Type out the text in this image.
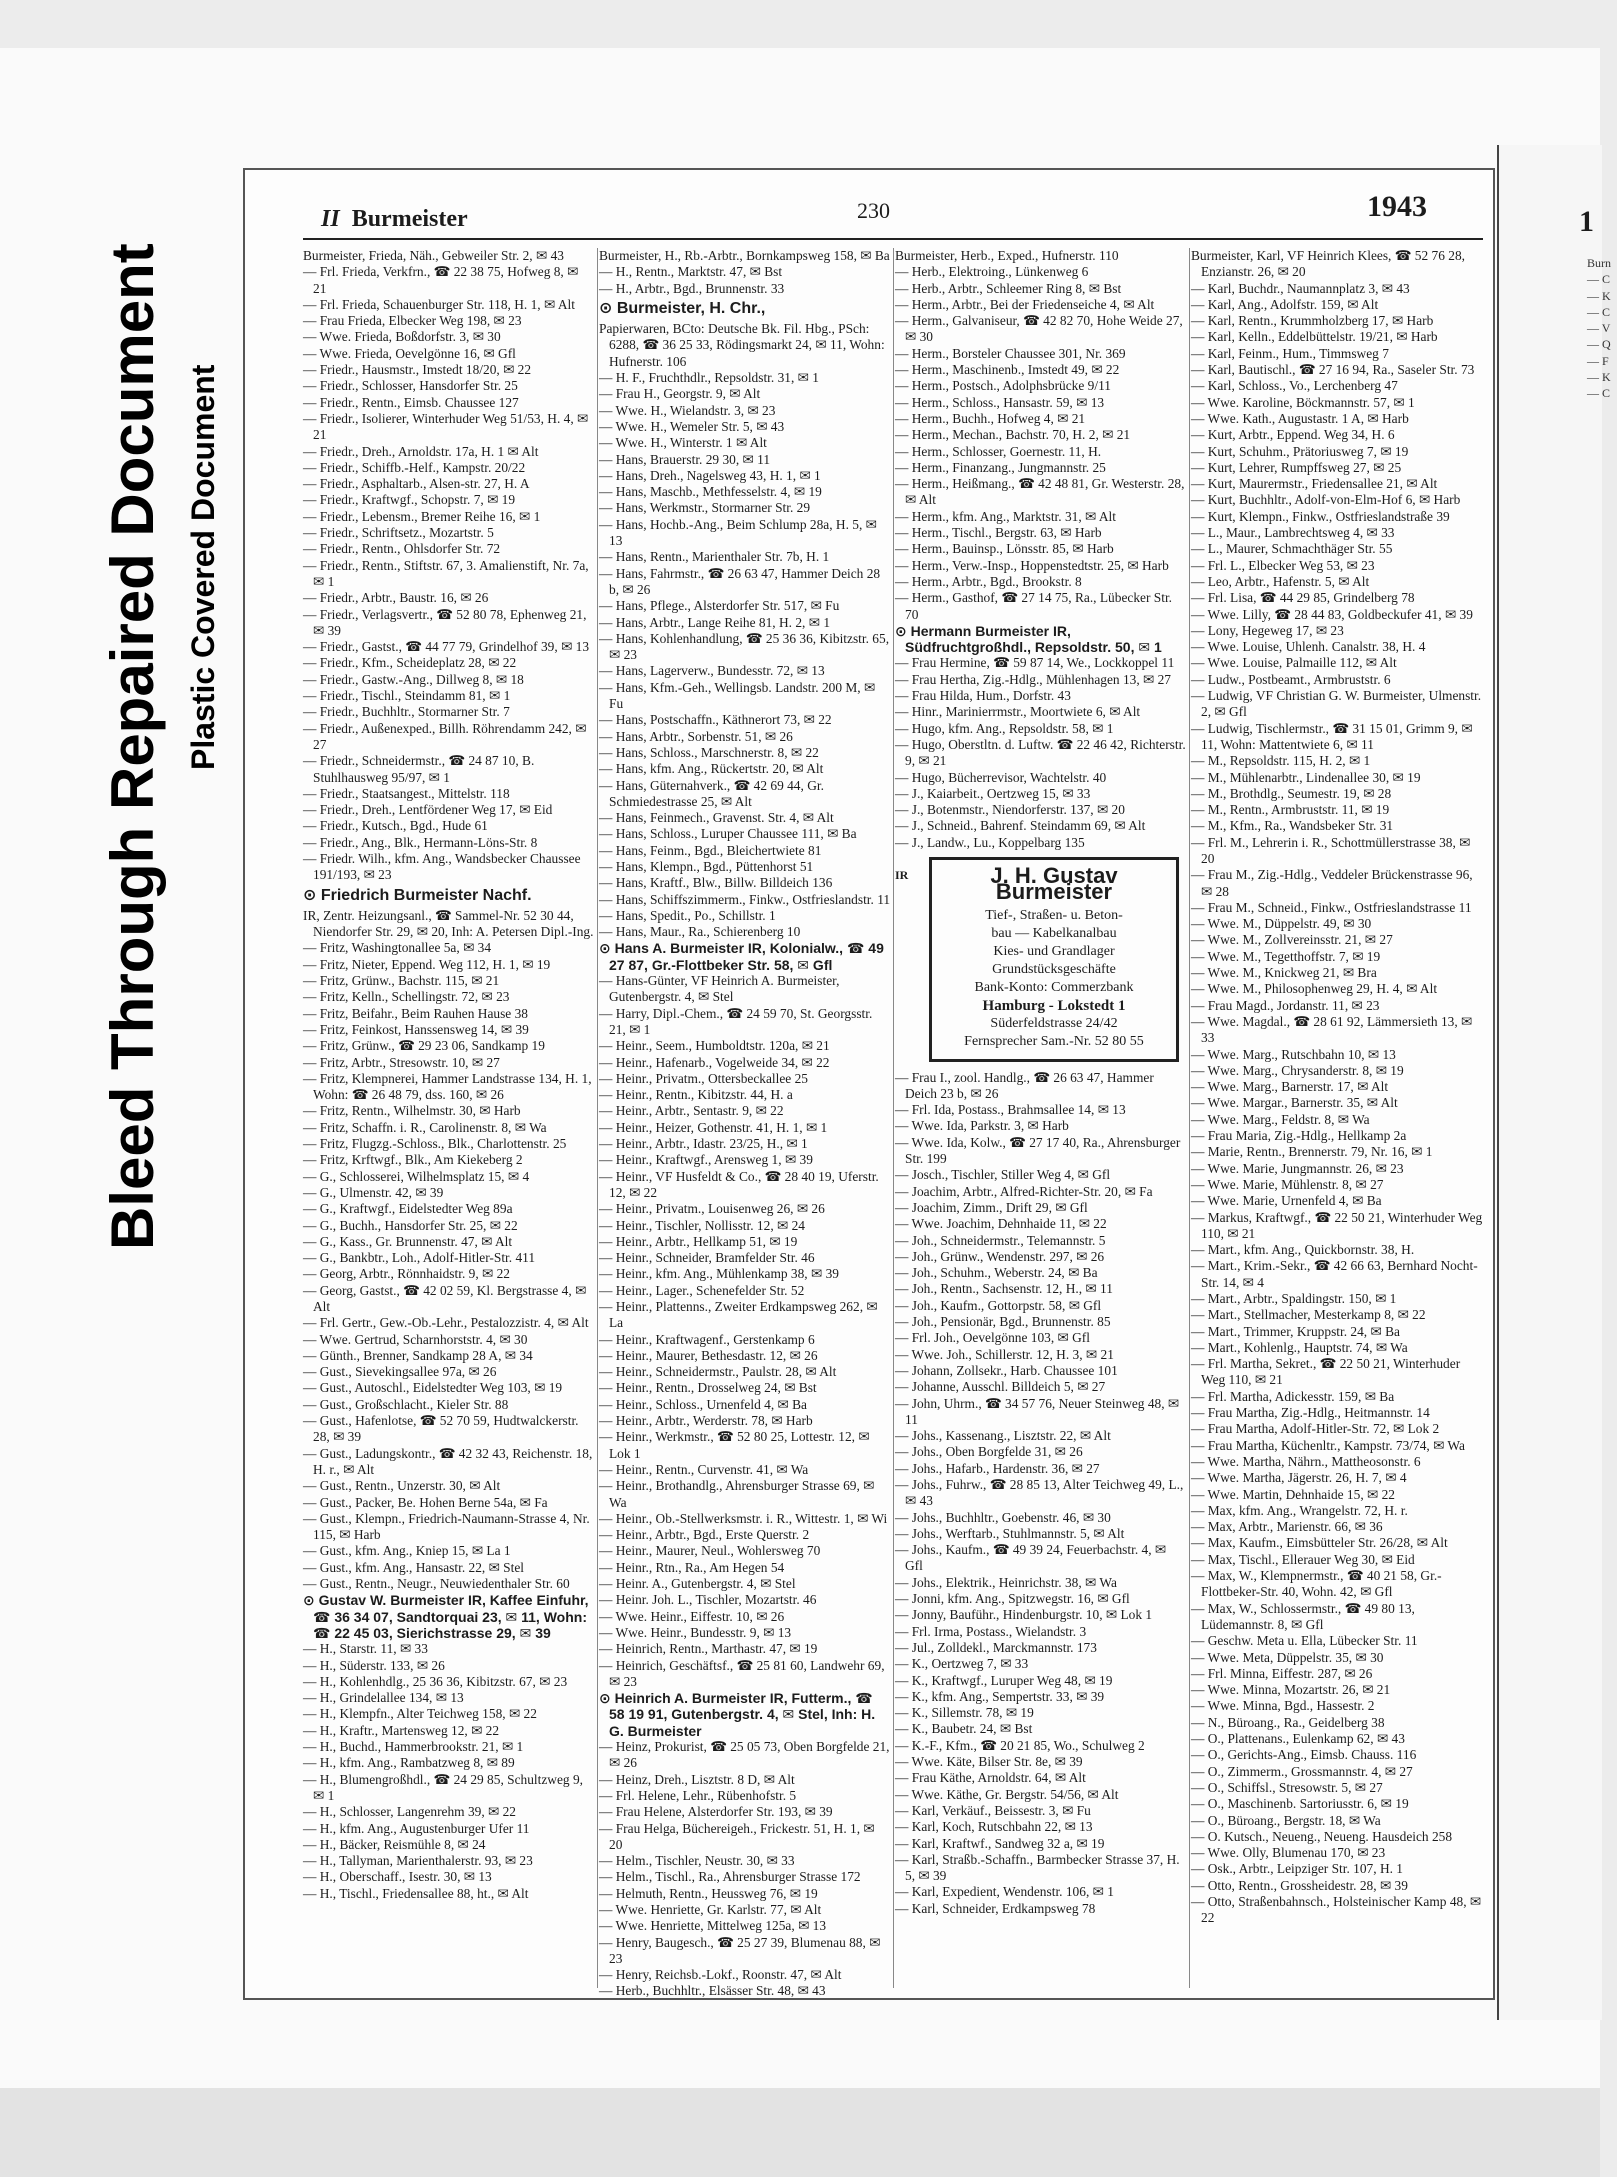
Bleed Through Repaired Document Plastic Covered Document
II Burmeister	230	1943
Burmeister, Frieda, Näh., Gebweiler Str. 2, ✉ 43
— Frl. Frieda, Verkfrn., ☎ 22 38 75, Hofweg 8, ✉ 21
— Frl. Frieda, Schauenburger Str. 118, H. 1, ✉ Alt
— Frau Frieda, Elbecker Weg 198, ✉ 23
— Wwe. Frieda, Boßdorfstr. 3, ✉ 30
— Wwe. Frieda, Oevelgönne 16, ✉ Gfl
— Friedr., Hausmstr., Imstedt 18/20, ✉ 22
— Friedr., Schlosser, Hansdorfer Str. 25
— Friedr., Rentn., Eimsb. Chaussee 127
— Friedr., Isolierer, Winterhuder Weg 51/53, H. 4, ✉ 21
— Friedr., Dreh., Arnoldstr. 17a, H. 1 ✉ Alt
— Friedr., Schiffb.-Helf., Kampstr. 20/22
— Friedr., Asphaltarb., Alsen-str. 27, H. A
— Friedr., Kraftwgf., Schopstr. 7, ✉ 19
— Friedr., Lebensm., Bremer Reihe 16, ✉ 1
— Friedr., Schriftsetz., Mozartstr. 5
— Friedr., Rentn., Ohlsdorfer Str. 72
— Friedr., Rentn., Stiftstr. 67, 3. Amalienstift, Nr. 7a, ✉ 1
— Friedr., Arbtr., Baustr. 16, ✉ 26
— Friedr., Verlagsvertr., ☎ 52 80 78, Ephenweg 21, ✉ 39
— Friedr., Gastst., ☎ 44 77 79, Grindelhof 39, ✉ 13
— Friedr., Kfm., Scheideplatz 28, ✉ 22
— Friedr., Gastw.-Ang., Dillweg 8, ✉ 18
— Friedr., Tischl., Steindamm 81, ✉ 1
— Friedr., Buchhltr., Stormarner Str. 7
— Friedr., Außenexped., Billh. Röhrendamm 242, ✉ 27
— Friedr., Schneidermstr., ☎ 24 87 10, B. Stuhlhausweg 95/97, ✉ 1
— Friedr., Staatsangest., Mittelstr. 118
— Friedr., Dreh., Lentfördener Weg 17, ✉ Eid
— Friedr., Kutsch., Bgd., Hude 61
— Friedr., Ang., Blk., Hermann-Löns-Str. 8
— Friedr. Wilh., kfm. Ang., Wandsbecker Chaussee 191/193, ✉ 23
⊙ Friedrich Burmeister Nachf.
IR, Zentr. Heizungsanl., ☎ Sammel-Nr. 52 30 44, Niendorfer Str. 29, ✉ 20, Inh: A. Petersen Dipl.-Ing.
— Fritz, Washingtonallee 5a, ✉ 34
— Fritz, Nieter, Eppend. Weg 112, H. 1, ✉ 19
— Fritz, Grünw., Bachstr. 115, ✉ 21
— Fritz, Kelln., Schellingstr. 72, ✉ 23
— Fritz, Beifahr., Beim Rauhen Hause 38
— Fritz, Feinkost, Hanssensweg 14, ✉ 39
— Fritz, Grünw., ☎ 29 23 06, Sandkamp 19
— Fritz, Arbtr., Stresowstr. 10, ✉ 27
— Fritz, Klempnerei, Hammer Landstrasse 134, H. 1, Wohn: ☎ 26 48 79, dss. 160, ✉ 26
— Fritz, Rentn., Wilhelmstr. 30, ✉ Harb
— Fritz, Schaffn. i. R., Carolinenstr. 8, ✉ Wa
— Fritz, Flugzg.-Schloss., Blk., Charlottenstr. 25
— Fritz, Krftwgf., Blk., Am Kiekeberg 2
— G., Schlosserei, Wilhelmsplatz 15, ✉ 4
— G., Ulmenstr. 42, ✉ 39
— G., Kraftwgf., Eidelstedter Weg 89a
— G., Buchh., Hansdorfer Str. 25, ✉ 22
— G., Kass., Gr. Brunnenstr. 47, ✉ Alt
— G., Bankbtr., Loh., Adolf-Hitler-Str. 411
— Georg, Arbtr., Rönnhaidstr. 9, ✉ 22
— Georg, Gastst., ☎ 42 02 59, Kl. Bergstrasse 4, ✉ Alt
— Frl. Gertr., Gew.-Ob.-Lehr., Pestalozzistr. 4, ✉ Alt
— Wwe. Gertrud, Scharnhorststr. 4, ✉ 30
— Günth., Brenner, Sandkamp 28 A, ✉ 34
— Gust., Sievekingsallee 97a, ✉ 26
— Gust., Autoschl., Eidelstedter Weg 103, ✉ 19
— Gust., Großschlacht., Kieler Str. 88
— Gust., Hafenlotse, ☎ 52 70 59, Hudtwalckerstr. 28, ✉ 39
— Gust., Ladungskontr., ☎ 42 32 43, Reichenstr. 18, H. r., ✉ Alt
— Gust., Rentn., Unzerstr. 30, ✉ Alt
— Gust., Packer, Be. Hohen Berne 54a, ✉ Fa
— Gust., Klempn., Friedrich-Naumann-Strasse 4, Nr. 115, ✉ Harb
— Gust., kfm. Ang., Kniep 15, ✉ La 1
— Gust., kfm. Ang., Hansastr. 22, ✉ Stel
— Gust., Rentn., Neugr., Neuwiedenthaler Str. 60
⊙ Gustav W. Burmeister IR, Kaffee Einfuhr, ☎ 36 34 07, Sandtorquai 23, ✉ 11, Wohn: ☎ 22 45 03, Sierichstrasse 29, ✉ 39
— H., Starstr. 11, ✉ 33
— H., Süderstr. 133, ✉ 26
— H., Kohlenhdlg., 25 36 36, Kibitzstr. 67, ✉ 23
— H., Grindelallee 134, ✉ 13
— H., Klempfn., Alter Teichweg 158, ✉ 22
— H., Kraftr., Martensweg 12, ✉ 22
— H., Buchd., Hammerbrookstr. 21, ✉ 1
— H., kfm. Ang., Rambatzweg 8, ✉ 89
— H., Blumengroßhdl., ☎ 24 29 85, Schultzweg 9, ✉ 1
— H., Schlosser, Langenrehm 39, ✉ 22
— H., kfm. Ang., Augustenburger Ufer 11
— H., Bäcker, Reismühle 8, ✉ 24
— H., Tallyman, Marienthalerstr. 93, ✉ 23
— H., Oberschaff., Isestr. 30, ✉ 13
— H., Tischl., Friedensallee 88, ht., ✉ Alt
Burmeister, H., Rb.-Arbtr., Bornkampsweg 158, ✉ Ba
— H., Rentn., Marktstr. 47, ✉ Bst
— H., Arbtr., Bgd., Brunnenstr. 33
⊙ Burmeister, H. Chr.,
Papierwaren, BCto: Deutsche Bk. Fil. Hbg., PSch: 6288, ☎ 36 25 33, Rödingsmarkt 24, ✉ 11, Wohn: Hufnerstr. 106
— H. F., Fruchthdlr., Repsoldstr. 31, ✉ 1
— Frau H., Georgstr. 9, ✉ Alt
— Wwe. H., Wielandstr. 3, ✉ 23
— Wwe. H., Wemeler Str. 5, ✉ 43
— Wwe. H., Winterstr. 1 ✉ Alt
— Hans, Brauerstr. 29 30, ✉ 11
— Hans, Dreh., Nagelsweg 43, H. 1, ✉ 1
— Hans, Maschb., Methfesselstr. 4, ✉ 19
— Hans, Werkmstr., Stormarner Str. 29
— Hans, Hochb.-Ang., Beim Schlump 28a, H. 5, ✉ 13
— Hans, Rentn., Marienthaler Str. 7b, H. 1
— Hans, Fahrmstr., ☎ 26 63 47, Hammer Deich 28 b, ✉ 26
— Hans, Pflege., Alsterdorfer Str. 517, ✉ Fu
— Hans, Arbtr., Lange Reihe 81, H. 2, ✉ 1
— Hans, Kohlenhandlung, ☎ 25 36 36, Kibitzstr. 65, ✉ 23
— Hans, Lagerverw., Bundesstr. 72, ✉ 13
— Hans, Kfm.-Geh., Wellingsb. Landstr. 200 M, ✉ Fu
— Hans, Postschaffn., Käthnerort 73, ✉ 22
— Hans, Arbtr., Sorbenstr. 51, ✉ 26
— Hans, Schloss., Marschnerstr. 8, ✉ 22
— Hans, kfm. Ang., Rückertstr. 20, ✉ Alt
— Hans, Güternahverk., ☎ 42 69 44, Gr. Schmiedestrasse 25, ✉ Alt
— Hans, Feinmech., Gravenst. Str. 4, ✉ Alt
— Hans, Schloss., Luruper Chaussee 111, ✉ Ba
— Hans, Feinm., Bgd., Bleichertwiete 81
— Hans, Klempn., Bgd., Püttenhorst 51
— Hans, Kraftf., Blw., Billw. Billdeich 136
— Hans, Schiffszimmerm., Finkw., Ostfrieslandstr. 11
— Hans, Spedit., Po., Schillstr. 1
— Hans, Maur., Ra., Schierenberg 10
⊙ Hans A. Burmeister IR, Kolonialw., ☎ 49 27 87, Gr.-Flottbeker Str. 58, ✉ Gfl
— Hans-Günter, VF Heinrich A. Burmeister, Gutenbergstr. 4, ✉ Stel
— Harry, Dipl.-Chem., ☎ 24 59 70, St. Georgsstr. 21, ✉ 1
— Heinr., Seem., Humboldtstr. 120a, ✉ 21
— Heinr., Hafenarb., Vogelweide 34, ✉ 22
— Heinr., Privatm., Ottersbeckallee 25
— Heinr., Rentn., Kibitzstr. 44, H. a
— Heinr., Arbtr., Sentastr. 9, ✉ 22
— Heinr., Heizer, Gothenstr. 41, H. 1, ✉ 1
— Heinr., Arbtr., Idastr. 23/25, H., ✉ 1
— Heinr., Kraftwgf., Arensweg 1, ✉ 39
— Heinr., VF Husfeldt & Co., ☎ 28 40 19, Uferstr. 12, ✉ 22
— Heinr., Privatm., Louisenweg 26, ✉ 26
— Heinr., Tischler, Nollisstr. 12, ✉ 24
— Heinr., Arbtr., Hellkamp 51, ✉ 19
— Heinr., Schneider, Bramfelder Str. 46
— Heinr., kfm. Ang., Mühlenkamp 38, ✉ 39
— Heinr., Lager., Schenefelder Str. 52
— Heinr., Plattenns., Zweiter Erdkampsweg 262, ✉ La
— Heinr., Kraftwagenf., Gerstenkamp 6
— Heinr., Maurer, Bethesdastr. 12, ✉ 26
— Heinr., Schneidermstr., Paulstr. 28, ✉ Alt
— Heinr., Rentn., Drosselweg 24, ✉ Bst
— Heinr., Schloss., Urnenfeld 4, ✉ Ba
— Heinr., Arbtr., Werderstr. 78, ✉ Harb
— Heinr., Werkmstr., ☎ 52 80 25, Lottestr. 12, ✉ Lok 1
— Heinr., Rentn., Curvenstr. 41, ✉ Wa
— Heinr., Brothandlg., Ahrensburger Strasse 69, ✉ Wa
— Heinr., Ob.-Stellwerksmstr. i. R., Wittestr. 1, ✉ Wi
— Heinr., Arbtr., Bgd., Erste Querstr. 2
— Heinr., Maurer, Neul., Wohlersweg 70
— Heinr., Rtn., Ra., Am Hegen 54
— Heinr. A., Gutenbergstr. 4, ✉ Stel
— Heinr. Joh. L., Tischler, Mozartstr. 46
— Wwe. Heinr., Eiffestr. 10, ✉ 26
— Wwe. Heinr., Bundesstr. 9, ✉ 13
— Heinrich, Rentn., Marthastr. 47, ✉ 19
— Heinrich, Geschäftsf., ☎ 25 81 60, Landwehr 69, ✉ 23
⊙ Heinrich A. Burmeister IR, Futterm., ☎ 58 19 91, Gutenbergstr. 4, ✉ Stel, Inh: H. G. Burmeister
— Heinz, Prokurist, ☎ 25 05 73, Oben Borgfelde 21, ✉ 26
— Heinz, Dreh., Lisztstr. 8 D, ✉ Alt
— Frl. Helene, Lehr., Rübenhofstr. 5
— Frau Helene, Alsterdorfer Str. 193, ✉ 39
— Frau Helga, Büchereigeh., Frickestr. 51, H. 1, ✉ 20
— Helm., Tischler, Neustr. 30, ✉ 33
— Helm., Tischl., Ra., Ahrensburger Strasse 172
— Helmuth, Rentn., Heussweg 76, ✉ 19
— Wwe. Henriette, Gr. Karlstr. 77, ✉ Alt
— Wwe. Henriette, Mittelweg 125a, ✉ 13
— Henry, Baugesch., ☎ 25 27 39, Blumenau 88, ✉ 23
— Henry, Reichsb.-Lokf., Roonstr. 47, ✉ Alt
— Herb., Buchhltr., Elsässer Str. 48, ✉ 43
Burmeister, Herb., Exped., Hufnerstr. 110
— Herb., Elektroing., Lünkenweg 6
— Herb., Arbtr., Schleemer Ring 8, ✉ Bst
— Herm., Arbtr., Bei der Friedenseiche 4, ✉ Alt
— Herm., Galvaniseur, ☎ 42 82 70, Hohe Weide 27, ✉ 30
— Herm., Borsteler Chaussee 301, Nr. 369
— Herm., Maschinenb., Imstedt 49, ✉ 22
— Herm., Postsch., Adolphsbrücke 9/11
— Herm., Schloss., Hansastr. 59, ✉ 13
— Herm., Buchh., Hofweg 4, ✉ 21
— Herm., Mechan., Bachstr. 70, H. 2, ✉ 21
— Herm., Schlosser, Goernestr. 11, H.
— Herm., Finanzang., Jungmannstr. 25
— Herm., Heißmang., ☎ 42 48 81, Gr. Westerstr. 28, ✉ Alt
— Herm., kfm. Ang., Marktstr. 31, ✉ Alt
— Herm., Tischl., Bergstr. 63, ✉ Harb
— Herm., Bauinsp., Lönsstr. 85, ✉ Harb
— Herm., Verw.-Insp., Hoppenstedtstr. 25, ✉ Harb
— Herm., Arbtr., Bgd., Brookstr. 8
— Herm., Gasthof, ☎ 27 14 75, Ra., Lübecker Str. 70
⊙ Hermann Burmeister IR, Südfruchtgroßhdl., Repsoldstr. 50, ✉ 1
— Frau Hermine, ☎ 59 87 14, We., Lockkoppel 11
— Frau Hertha, Zig.-Hdlg., Mühlenhagen 13, ✉ 27
— Frau Hilda, Hum., Dorfstr. 43
— Hinr., Marinierrmstr., Moortwiete 6, ✉ Alt
— Hugo, kfm. Ang., Repsoldstr. 58, ✉ 1
— Hugo, Oberstltn. d. Luftw. ☎ 22 46 42, Richterstr. 9, ✉ 21
— Hugo, Bücherrevisor, Wachtelstr. 40
— J., Kaiarbeit., Oertzweg 15, ✉ 33
— J., Botenmstr., Niendorferstr. 137, ✉ 20
— J., Schneid., Bahrenf. Steindamm 69, ✉ Alt
— J., Landw., Lu., Koppelbarg 135
IR	J. H. Gustav Burmeister
Tief-, Straßen- u. Beton-
bau — Kabelkanalbau
Kies- und Grandlager
Grundstücksgeschäfte
Bank-Konto: Commerzbank
Hamburg - Lokstedt 1
Süderfeldstrasse 24/42
Fernsprecher Sam.-Nr. 52 80 55
— Frau I., zool. Handlg., ☎ 26 63 47, Hammer Deich 23 b, ✉ 26
— Frl. Ida, Postass., Brahmsallee 14, ✉ 13
— Wwe. Ida, Parkstr. 3, ✉ Harb
— Wwe. Ida, Kolw., ☎ 27 17 40, Ra., Ahrensburger Str. 199
— Josch., Tischler, Stiller Weg 4, ✉ Gfl
— Joachim, Arbtr., Alfred-Richter-Str. 20, ✉ Fa
— Joachim, Zimm., Drift 29, ✉ Gfl
— Wwe. Joachim, Dehnhaide 11, ✉ 22
— Joh., Schneidermstr., Telemannstr. 5
— Joh., Grünw., Wendenstr. 297, ✉ 26
— Joh., Schuhm., Weberstr. 24, ✉ Ba
— Joh., Rentn., Sachsenstr. 12, H., ✉ 11
— Joh., Kaufm., Gottorpstr. 58, ✉ Gfl
— Joh., Pensionär, Bgd., Brunnenstr. 85
— Frl. Joh., Oevelgönne 103, ✉ Gfl
— Wwe. Joh., Schillerstr. 12, H. 3, ✉ 21
— Johann, Zollsekr., Harb. Chaussee 101
— Johanne, Ausschl. Billdeich 5, ✉ 27
— John, Uhrm., ☎ 34 57 76, Neuer Steinweg 48, ✉ 11
— Johs., Kassenang., Lisztstr. 22, ✉ Alt
— Johs., Oben Borgfelde 31, ✉ 26
— Johs., Hafarb., Hardenstr. 36, ✉ 27
— Johs., Fuhrw., ☎ 28 85 13, Alter Teichweg 49, L., ✉ 43
— Johs., Buchhltr., Goebenstr. 46, ✉ 30
— Johs., Werftarb., Stuhlmannstr. 5, ✉ Alt
— Johs., Kaufm., ☎ 49 39 24, Feuerbachstr. 4, ✉ Gfl
— Johs., Elektrik., Heinrichstr. 38, ✉ Wa
— Jonni, kfm. Ang., Spitzwegstr. 16, ✉ Gfl
— Jonny, Bauführ., Hindenburgstr. 10, ✉ Lok 1
— Frl. Irma, Postass., Wielandstr. 3
— Jul., Zolldekl., Marckmannstr. 173
— K., Oertzweg 7, ✉ 33
— K., Kraftwgf., Luruper Weg 48, ✉ 19
— K., kfm. Ang., Sempertstr. 33, ✉ 39
— K., Sillemstr. 78, ✉ 19
— K., Baubetr. 24, ✉ Bst
— K.-F., Kfm., ☎ 20 21 85, Wo., Schulweg 2
— Wwe. Käte, Bilser Str. 8e, ✉ 39
— Frau Käthe, Arnoldstr. 64, ✉ Alt
— Wwe. Käthe, Gr. Bergstr. 54/56, ✉ Alt
— Karl, Verkäuf., Beissestr. 3, ✉ Fu
— Karl, Koch, Rutschbahn 22, ✉ 13
— Karl, Kraftwf., Sandweg 32 a, ✉ 19
— Karl, Straßb.-Schaffn., Barmbecker Strasse 37, H. 5, ✉ 39
— Karl, Expedient, Wendenstr. 106, ✉ 1
— Karl, Schneider, Erdkampsweg 78
Burmeister, Karl, VF Heinrich Klees, ☎ 52 76 28, Enzianstr. 26, ✉ 20
— Karl, Buchdr., Naumannplatz 3, ✉ 43
— Karl, Ang., Adolfstr. 159, ✉ Alt
— Karl, Rentn., Krummholzberg 17, ✉ Harb
— Karl, Kelln., Eddelbüttelstr. 19/21, ✉ Harb
— Karl, Feinm., Hum., Timmsweg 7
— Karl, Bautischl., ☎ 27 16 94, Ra., Saseler Str. 73
— Karl, Schloss., Vo., Lerchenberg 47
— Wwe. Karoline, Böckmannstr. 57, ✉ 1
— Wwe. Kath., Augustastr. 1 A, ✉ Harb
— Kurt, Arbtr., Eppend. Weg 34, H. 6
— Kurt, Schuhm., Prätoriusweg 7, ✉ 19
— Kurt, Lehrer, Rumpffsweg 27, ✉ 25
— Kurt, Maurermstr., Friedensallee 21, ✉ Alt
— Kurt, Buchhltr., Adolf-von-Elm-Hof 6, ✉ Harb
— Kurt, Klempn., Finkw., Ostfrieslandstraße 39
— L., Maur., Lambrechtsweg 4, ✉ 33
— L., Maurer, Schmachthäger Str. 55
— Frl. L., Elbecker Weg 53, ✉ 23
— Leo, Arbtr., Hafenstr. 5, ✉ Alt
— Frl. Lisa, ☎ 44 29 85, Grindelberg 78
— Wwe. Lilly, ☎ 28 44 83, Goldbeckufer 41, ✉ 39
— Lony, Hegeweg 17, ✉ 23
— Wwe. Louise, Uhlenh. Canalstr. 38, H. 4
— Wwe. Louise, Palmaille 112, ✉ Alt
— Ludw., Postbeamt., Armbruststr. 6
— Ludwig, VF Christian G. W. Burmeister, Ulmenstr. 2, ✉ Gfl
— Ludwig, Tischlermstr., ☎ 31 15 01, Grimm 9, ✉ 11, Wohn: Mattentwiete 6, ✉ 11
— M., Repsoldstr. 115, H. 2, ✉ 1
— M., Mühlenarbtr., Lindenallee 30, ✉ 19
— M., Brothdlg., Seumestr. 19, ✉ 28
— M., Rentn., Armbruststr. 11, ✉ 19
— M., Kfm., Ra., Wandsbeker Str. 31
— Frl. M., Lehrerin i. R., Schottmüllerstrasse 38, ✉ 20
— Frau M., Zig.-Hdlg., Veddeler Brückenstrasse 96, ✉ 28
— Frau M., Schneid., Finkw., Ostfrieslandstrasse 11
— Wwe. M., Düppelstr. 49, ✉ 30
— Wwe. M., Zollvereinsstr. 21, ✉ 27
— Wwe. M., Tegetthoffstr. 7, ✉ 19
— Wwe. M., Knickweg 21, ✉ Bra
— Wwe. M., Philosophenweg 29, H. 4, ✉ Alt
— Frau Magd., Jordanstr. 11, ✉ 23
— Wwe. Magdal., ☎ 28 61 92, Lämmersieth 13, ✉ 33
— Wwe. Marg., Rutschbahn 10, ✉ 13
— Wwe. Marg., Chrysanderstr. 8, ✉ 19
— Wwe. Marg., Barnerstr. 17, ✉ Alt
— Wwe. Margar., Barnerstr. 35, ✉ Alt
— Wwe. Marg., Feldstr. 8, ✉ Wa
— Frau Maria, Zig.-Hdlg., Hellkamp 2a
— Marie, Rentn., Brennerstr. 79, Nr. 16, ✉ 1
— Wwe. Marie, Jungmannstr. 26, ✉ 23
— Wwe. Marie, Mühlenstr. 8, ✉ 27
— Wwe. Marie, Urnenfeld 4, ✉ Ba
— Markus, Kraftwgf., ☎ 22 50 21, Winterhuder Weg 110, ✉ 21
— Mart., kfm. Ang., Quickbornstr. 38, H.
— Mart., Krim.-Sekr., ☎ 42 66 63, Bernhard Nocht-Str. 14, ✉ 4
— Mart., Arbtr., Spaldingstr. 150, ✉ 1
— Mart., Stellmacher, Mesterkamp 8, ✉ 22
— Mart., Trimmer, Kruppstr. 24, ✉ Ba
— Mart., Kohlenlg., Hauptstr. 74, ✉ Wa
— Frl. Martha, Sekret., ☎ 22 50 21, Winterhuder Weg 110, ✉ 21
— Frl. Martha, Adickesstr. 159, ✉ Ba
— Frau Martha, Zig.-Hdlg., Heitmannstr. 14
— Frau Martha, Adolf-Hitler-Str. 72, ✉ Lok 2
— Frau Martha, Küchenltr., Kampstr. 73/74, ✉ Wa
— Wwe. Martha, Nährn., Mattheosonstr. 6
— Wwe. Martha, Jägerstr. 26, H. 7, ✉ 4
— Wwe. Martin, Dehnhaide 15, ✉ 22
— Max, kfm. Ang., Wrangelstr. 72, H. r.
— Max, Arbtr., Marienstr. 66, ✉ 36
— Max, Kaufm., Eimsbütteler Str. 26/28, ✉ Alt
— Max, Tischl., Ellerauer Weg 30, ✉ Eid
— Max, W., Klempnermstr., ☎ 40 21 58, Gr.-Flottbeker-Str. 40, Wohn. 42, ✉ Gfl
— Max, W., Schlossermstr., ☎ 49 80 13, Lüdemannstr. 8, ✉ Gfl
— Geschw. Meta u. Ella, Lübecker Str. 11
— Wwe. Meta, Düppelstr. 35, ✉ 30
— Frl. Minna, Eiffestr. 287, ✉ 26
— Wwe. Minna, Mozartstr. 26, ✉ 21
— Wwe. Minna, Bgd., Hassestr. 2
— N., Büroang., Ra., Geidelberg 38
— O., Plattenans., Eulenkamp 62, ✉ 43
— O., Gerichts-Ang., Eimsb. Chauss. 116
— O., Zimmerm., Grossmannstr. 4, ✉ 27
— O., Schiffsl., Stresowstr. 5, ✉ 27
— O., Maschinenb. Sartoriusstr. 6, ✉ 19
— O., Büroang., Bergstr. 18, ✉ Wa
— O. Kutsch., Neueng., Neueng. Hausdeich 258
— Wwe. Olly, Blumenau 170, ✉ 23
— Osk., Arbtr., Leipziger Str. 107, H. 1
— Otto, Rentn., Grossheidestr. 28, ✉ 39
— Otto, Straßenbahnsch., Holsteinischer Kamp 48, ✉ 22
1
Burn
— C
— K
— C
— V
— Q
— F
— K
— C
